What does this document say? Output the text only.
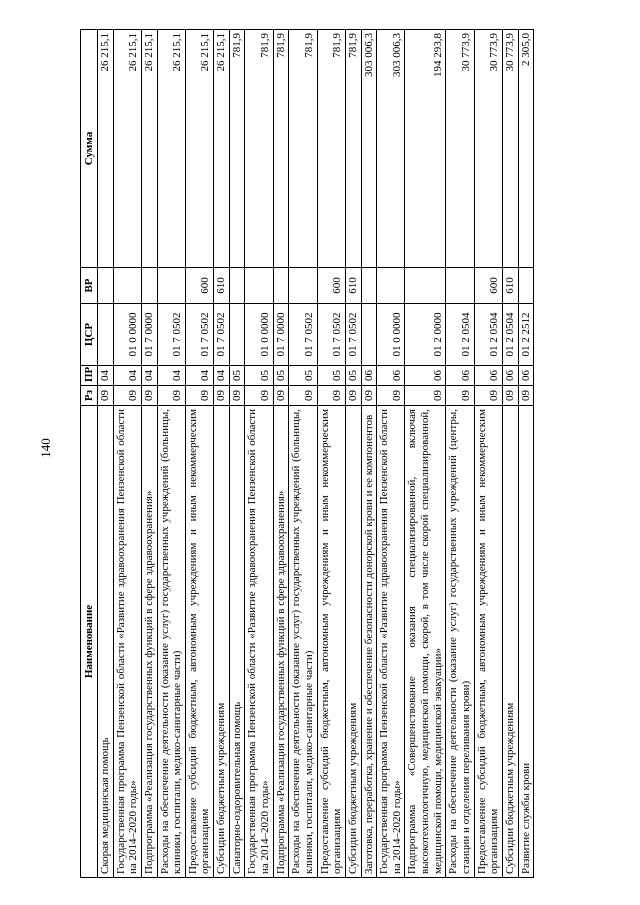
140
Наименование	Рз	ПР	ЦСР	ВР	Сумма
Скорая медицинская помощь	09	04			26 215,1
Государственная программа Пензенской области «Развитие здравоохранения Пензенской области на 2014–2020 годы»	09	04	01 0 0000		26 215,1
Подпрограмма «Реализация государственных функций в сфере здравоохранения»	09	04	01 7 0000		26 215,1
Расходы на обеспечение деятельности (оказание услуг) государственных учреждений (больницы, клиники, госпитали, медико-санитарные части)	09	04	01 7 0502		26 215,1
Предоставление субсидий бюджетным, автономным учреждениям и иным некоммерческим организациям	09	04	01 7 0502	600	26 215,1
Субсидии бюджетным учреждениям	09	04	01 7 0502	610	26 215,1
Санаторно-оздоровительная помощь	09	05			781,9
Государственная программа Пензенской области «Развитие здравоохранения Пензенской области на 2014–2020 годы»	09	05	01 0 0000		781,9
Подпрограмма «Реализация государственных функций в сфере здравоохранения»	09	05	01 7 0000		781,9
Расходы на обеспечение деятельности (оказание услуг) государственных учреждений (больницы, клиники, госпитали, медико-санитарные части)	09	05	01 7 0502		781,9
Предоставление субсидий бюджетным, автономным учреждениям и иным некоммерческим организациям	09	05	01 7 0502	600	781,9
Субсидии бюджетным учреждениям	09	05	01 7 0502	610	781,9
Заготовка, переработка, хранение и обеспечение безопасности донорской крови и ее компонентов	09	06			303 006,3
Государственная программа Пензенской области «Развитие здравоохранения Пензенской области на 2014–2020 годы»	09	06	01 0 0000		303 006,3
Подпрограмма «Совершенствование оказания специализированной, включая высокотехнологичную, медицинской помощи, скорой, в том числе скорой специализированной, медицинской помощи, медицинской эвакуации»	09	06	01 2 0000		194 293,8
Расходы на обеспечение деятельности (оказание услуг) государственных учреждений (центры, станции и отделения переливания крови)	09	06	01 2 0504		30 773,9
Предоставление субсидий бюджетным, автономным учреждениям и иным некоммерческим организациям	09	06	01 2 0504	600	30 773,9
Субсидии бюджетным учреждениям	09	06	01 2 0504	610	30 773,9
Развитие службы крови	09	06	01 2 2512		2 305,0
